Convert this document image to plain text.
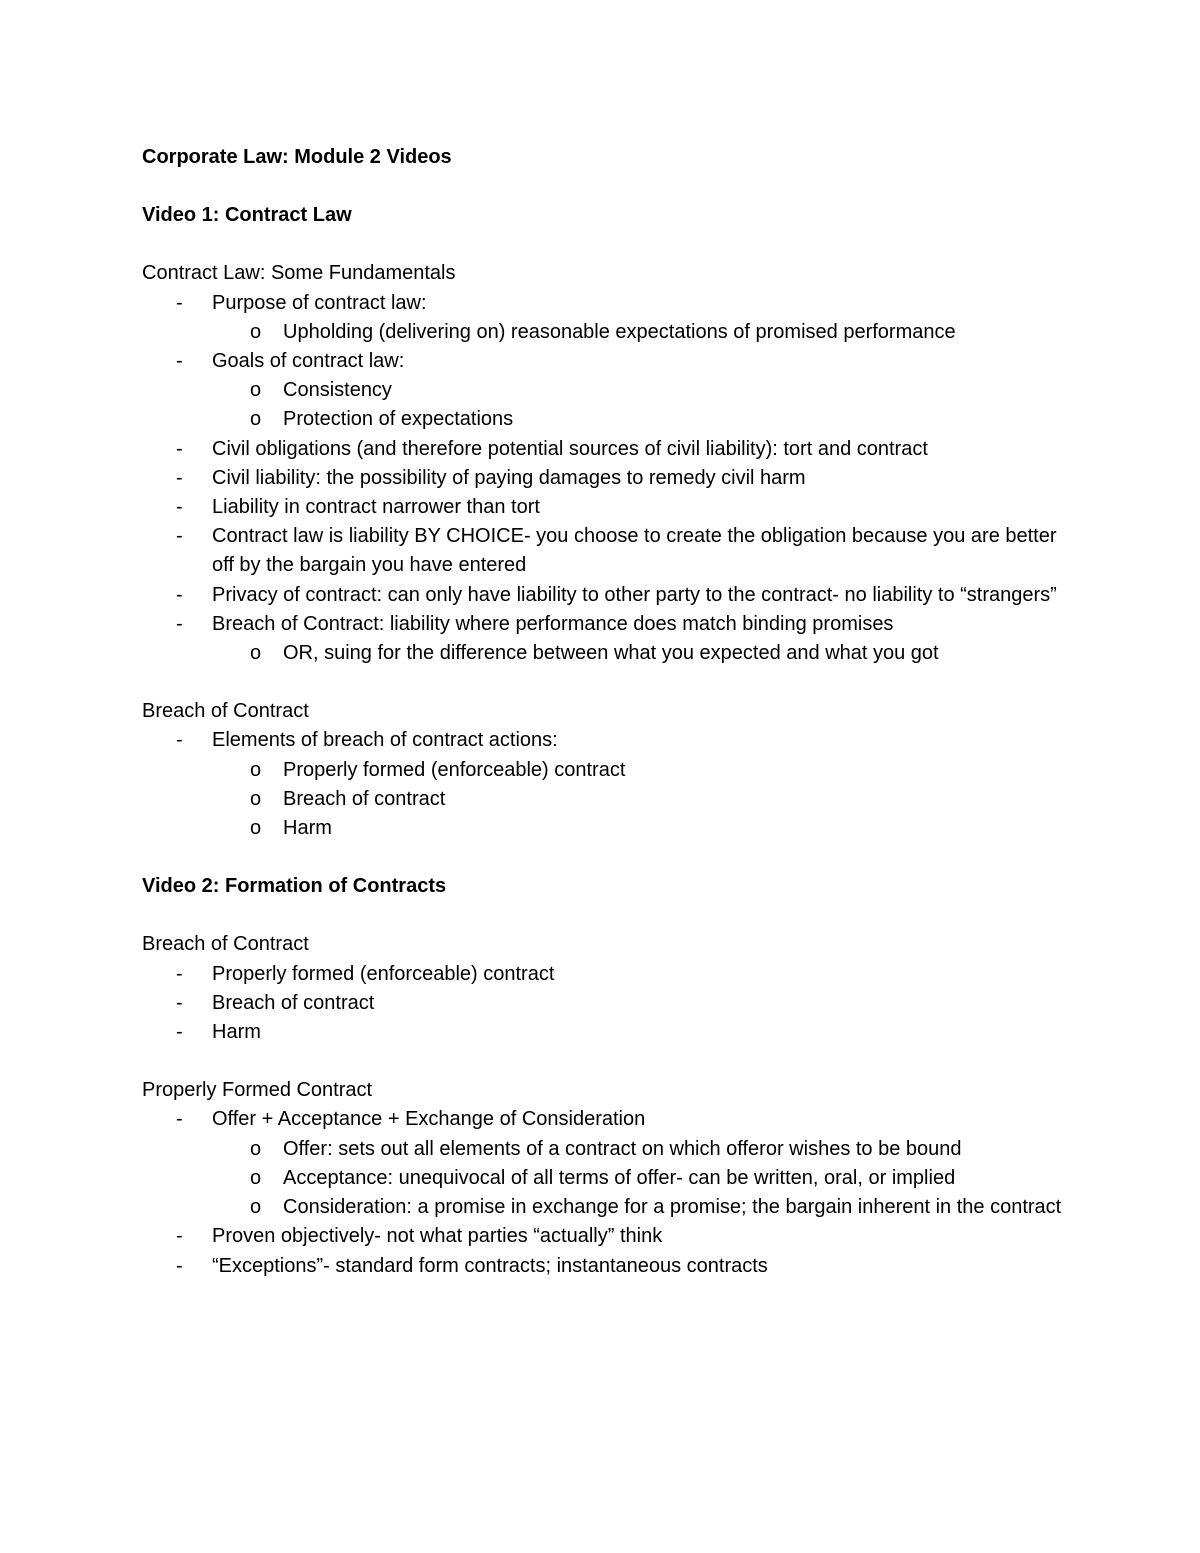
Corporate Law: Module 2 Videos
Video 1: Contract Law
Contract Law: Some Fundamentals
- Purpose of contract law:
o Upholding (delivering on) reasonable expectations of promised performance
- Goals of contract law:
o Consistency
o Protection of expectations
- Civil obligations (and therefore potential sources of civil liability): tort and contract
- Civil liability: the possibility of paying damages to remedy civil harm
- Liability in contract narrower than tort
- Contract law is liability BY CHOICE- you choose to create the obligation because you are better off by the bargain you have entered
- Privacy of contract: can only have liability to other party to the contract- no liability to “strangers”
- Breach of Contract: liability where performance does match binding promises
o OR, suing for the difference between what you expected and what you got
Breach of Contract
- Elements of breach of contract actions:
o Properly formed (enforceable) contract
o Breach of contract
o Harm
Video 2: Formation of Contracts
Breach of Contract
- Properly formed (enforceable) contract
- Breach of contract
- Harm
Properly Formed Contract
- Offer + Acceptance + Exchange of Consideration
o Offer: sets out all elements of a contract on which offeror wishes to be bound
o Acceptance: unequivocal of all terms of offer- can be written, oral, or implied
o Consideration: a promise in exchange for a promise; the bargain inherent in the contract
- Proven objectively- not what parties “actually” think
- “Exceptions”- standard form contracts; instantaneous contracts
